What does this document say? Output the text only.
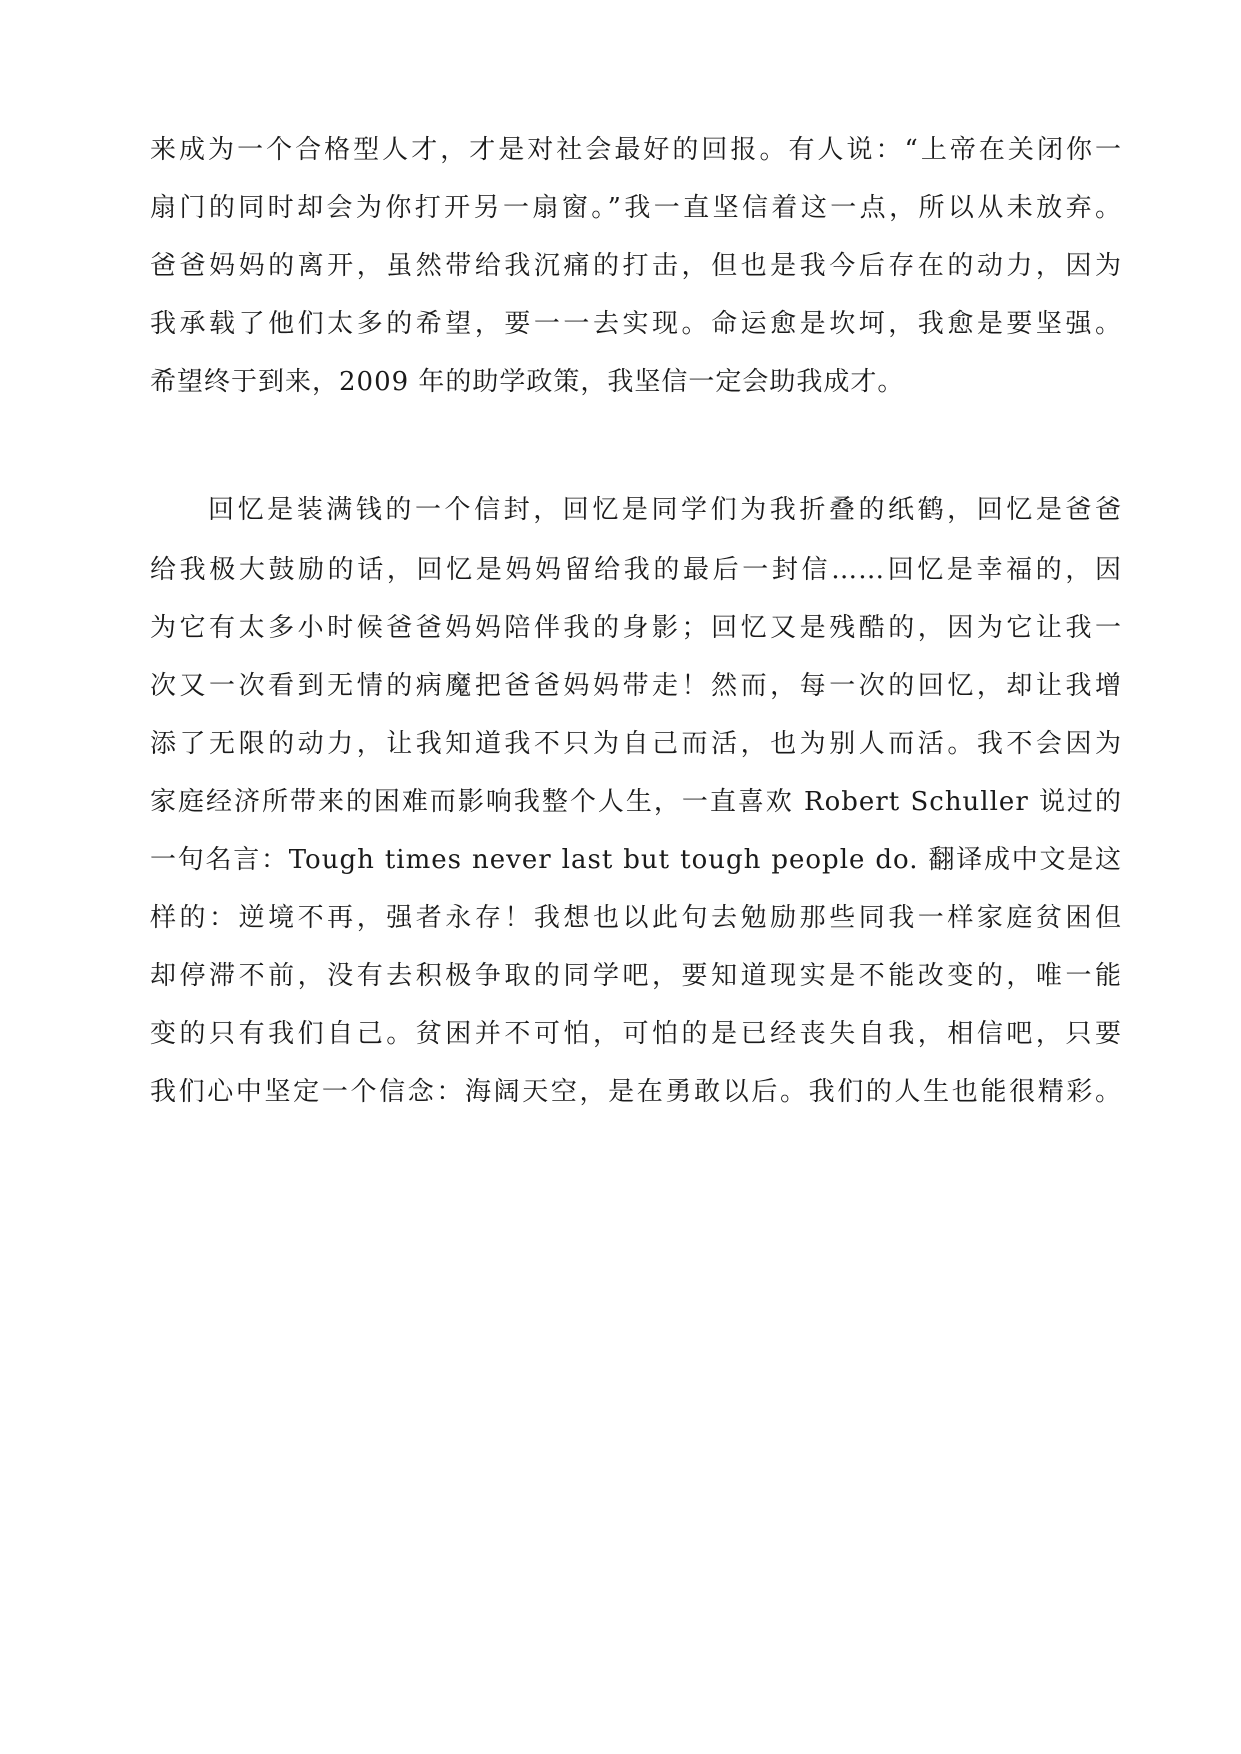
来成为一个合格型人才，才是对社会最好的回报。有人说：“上帝在关闭你一
扇门的同时却会为你打开另一扇窗。”我一直坚信着这一点，所以从未放弃。
爸爸妈妈的离开，虽然带给我沉痛的打击，但也是我今后存在的动力，因为
我承载了他们太多的希望，要一一去实现。命运愈是坎坷，我愈是要坚强。
希望终于到来，2009 年的助学政策，我坚信一定会助我成才。
回忆是装满钱的一个信封，回忆是同学们为我折叠的纸鹤，回忆是爸爸
给我极大鼓励的话，回忆是妈妈留给我的最后一封信……回忆是幸福的，因
为它有太多小时候爸爸妈妈陪伴我的身影；回忆又是残酷的，因为它让我一
次又一次看到无情的病魔把爸爸妈妈带走！然而，每一次的回忆，却让我增
添了无限的动力，让我知道我不只为自己而活，也为别人而活。我不会因为
家庭经济所带来的困难而影响我整个人生，一直喜欢 Robert Schuller 说过的
一句名言：Tough times never last but tough people do. 翻译成中文是这
样的：逆境不再，强者永存！我想也以此句去勉励那些同我一样家庭贫困但
却停滞不前，没有去积极争取的同学吧，要知道现实是不能改变的，唯一能
变的只有我们自己。贫困并不可怕，可怕的是已经丧失自我，相信吧，只要
我们心中坚定一个信念：海阔天空，是在勇敢以后。我们的人生也能很精彩。
